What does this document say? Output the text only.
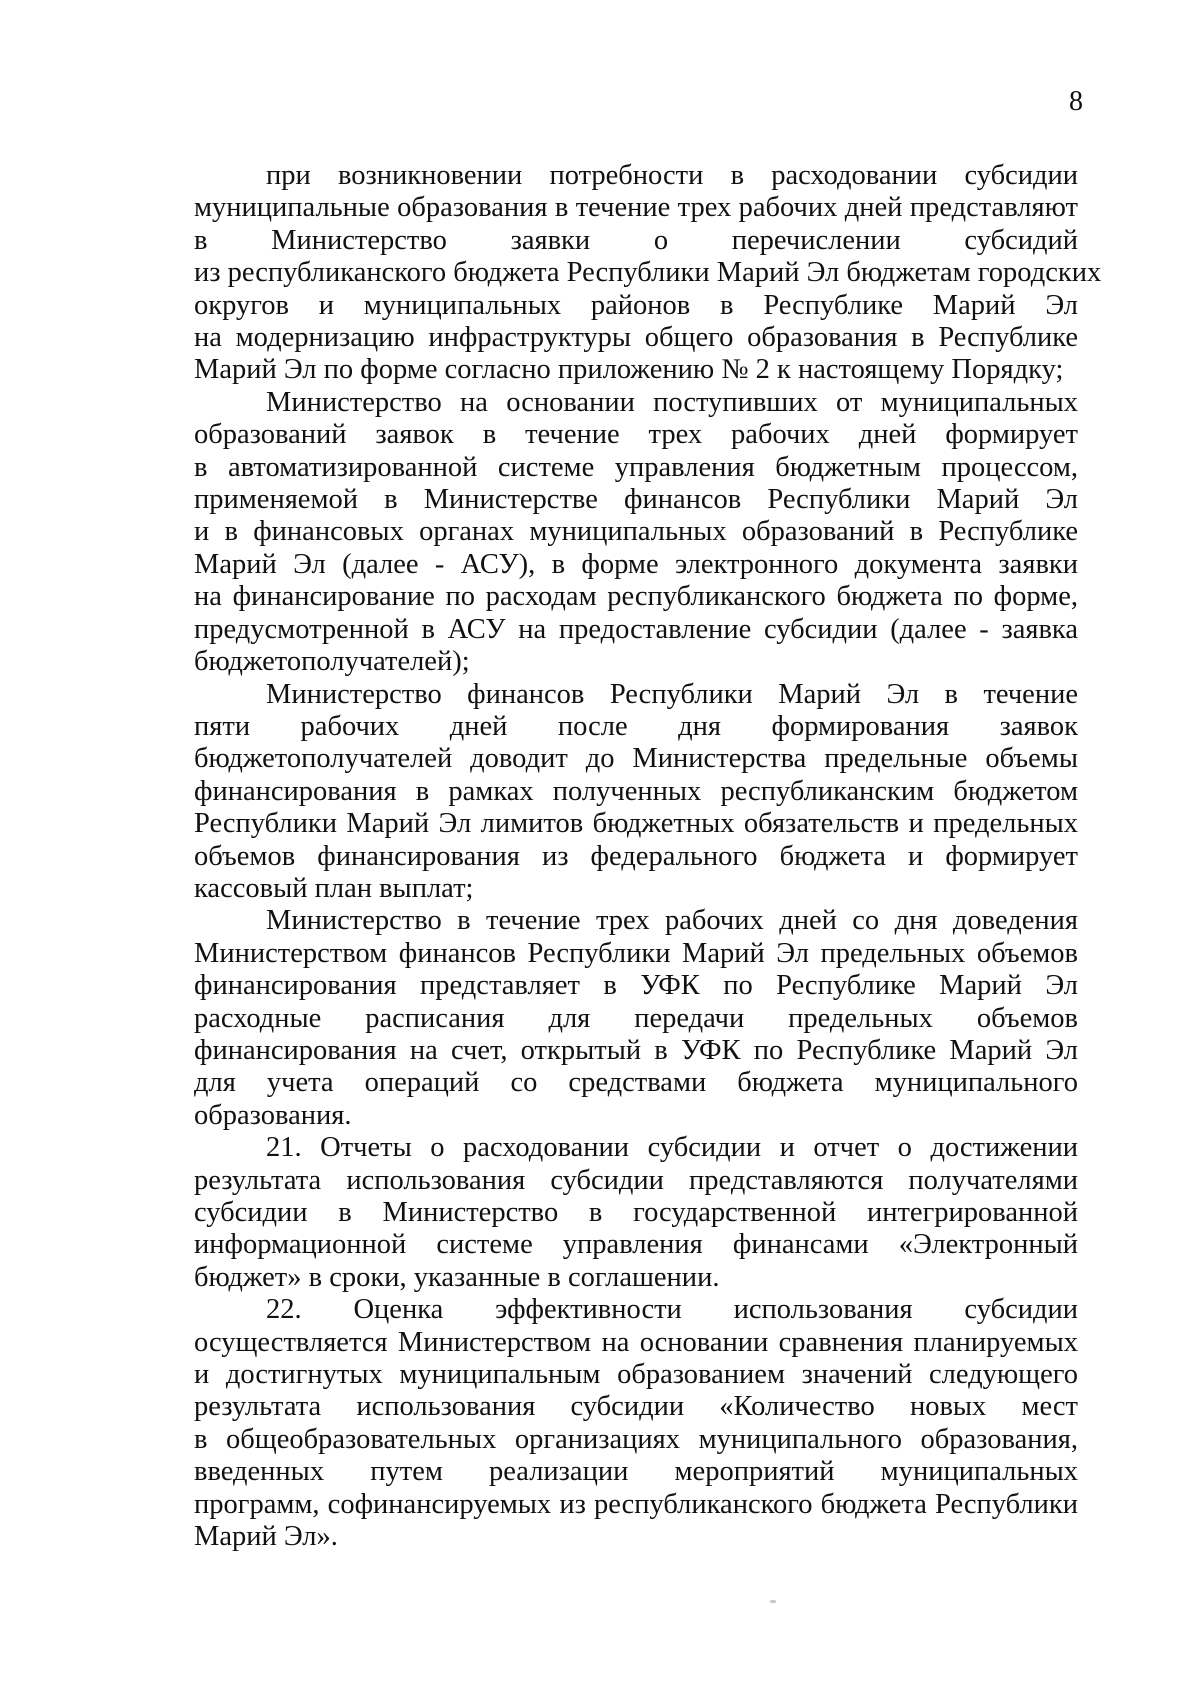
8

при возникновении потребности в расходовании субсидии
муниципальные образования в течение трех рабочих дней представляют
в Министерство заявки о перечислении субсидий
из республиканского бюджета Республики Марий Эл бюджетам городских
округов и муниципальных районов в Республике Марий Эл
на модернизацию инфраструктуры общего образования в Республике
Марий Эл по форме согласно приложению № 2 к настоящему Порядку;

Министерство на основании поступивших от муниципальных
образований заявок в течение трех рабочих дней формирует
в автоматизированной системе управления бюджетным процессом,
применяемой в Министерстве финансов Республики Марий Эл
и в финансовых органах муниципальных образований в Республике
Марий Эл (далее - АСУ), в форме электронного документа заявки
на финансирование по расходам республиканского бюджета по форме,
предусмотренной в АСУ на предоставление субсидии (далее - заявка
бюджетополучателей);

Министерство финансов Республики Марий Эл в течение
пяти рабочих дней после дня формирования заявок
бюджетополучателей доводит до Министерства предельные объемы
финансирования в рамках полученных республиканским бюджетом
Республики Марий Эл лимитов бюджетных обязательств и предельных
объемов финансирования из федерального бюджета и формирует
кассовый план выплат;

Министерство в течение трех рабочих дней со дня доведения
Министерством финансов Республики Марий Эл предельных объемов
финансирования представляет в УФК по Республике Марий Эл
расходные расписания для передачи предельных объемов
финансирования на счет, открытый в УФК по Республике Марий Эл
для учета операций со средствами бюджета муниципального
образования.

21. Отчеты о расходовании субсидии и отчет о достижении
результата использования субсидии представляются получателями
субсидии в Министерство в государственной интегрированной
информационной системе управления финансами «Электронный
бюджет» в сроки, указанные в соглашении.

22. Оценка эффективности использования субсидии
осуществляется Министерством на основании сравнения планируемых
и достигнутых муниципальным образованием значений следующего
результата использования субсидии «Количество новых мест
в общеобразовательных организациях муниципального образования,
введенных путем реализации мероприятий муниципальных
программ, софинансируемых из республиканского бюджета Республики
Марий Эл».
